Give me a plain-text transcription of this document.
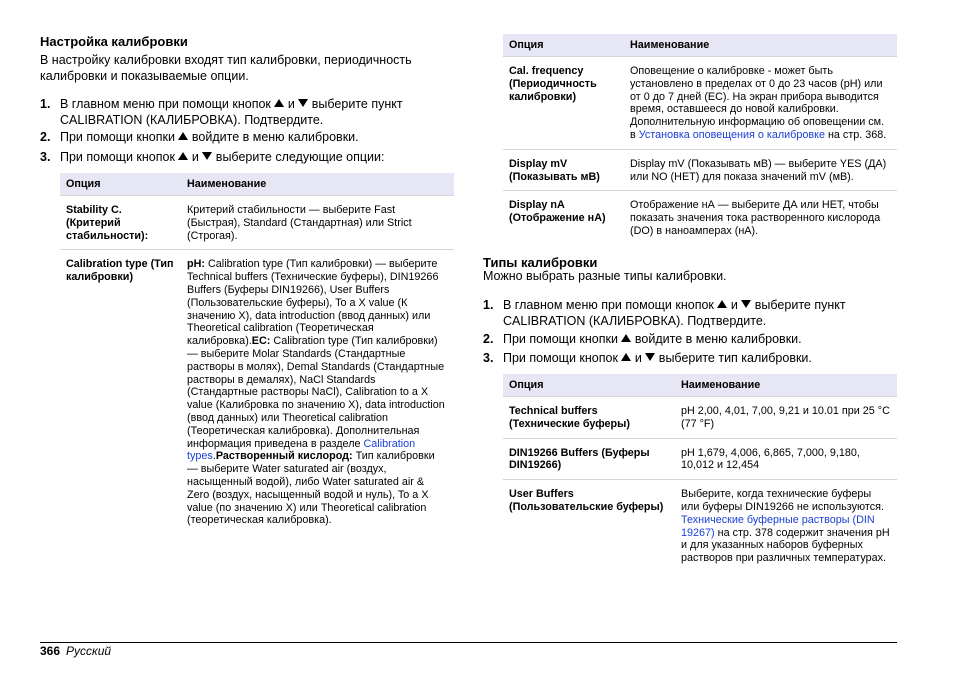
Настройка калибровки

В настройку калибровки входят тип калибровки, периодичность калибровки и показываемые опции.

1. В главном меню при помощи кнопок  и  выберите пункт CALIBRATION (КАЛИБРОВКА). Подтвердите.
2. При помощи кнопки  войдите в меню калибровки.
3. При помощи кнопок  и  выберите следующие опции:
Опция	Наименование
Stability C. (Критерий стабильности):	Критерий стабильности — выберите Fast (Быстрая), Standard (Стандартная) или Strict (Строгая).
Calibration type (Тип калибровки)	pH: Calibration type (Тип калибровки) — выберите Technical buffers (Технические буферы), DIN19266 Buffers (Буферы DIN19266), User Buffers (Пользовательские буферы), To a X value (К значению X), data introduction (ввод данных) или Theoretical calibration (Теоретическая калибровка).EC: Calibration type (Тип калибровки) — выберите Molar Standards (Стандартные растворы в молях), Demal Standards (Стандартные растворы в демалях), NaCl Standards (Стандартные растворы NaCl), Calibration to a X value (Калибровка по значению X), data introduction (ввод данных) или Theoretical calibration (Теоретическая калибровка). Дополнительная информация приведена в разделе Calibration types.Растворенный кислород: Тип калибровки — выберите Water saturated air (воздух, насыщенный водой), либо Water saturated air & Zero (воздух, насыщенный водой и нуль), To a X value (по значению X) или Theoretical calibration (теоретическая калибровка).
Опция	Наименование
Cal. frequency (Периодичность калибровки)	Оповещение о калибровке - может быть установлено в пределах от 0 до 23 часов (pH) или от 0 до 7 дней (EC). На экран прибора выводится время, оставшееся до новой калибровки. Дополнительную информацию об оповещении см. в Установка оповещения о калибровке на стр. 368.
Display mV (Показывать мВ)	Display mV (Показывать мВ) — выберите YES (ДА) или NO (НЕТ) для показа значений mV (мВ).
Display nA (Отображение нА)	Отображение нА — выберите ДА или НЕТ, чтобы показать значения тока растворенного кислорода (DO) в наноамперах (нА).
Типы калибровки

Можно выбрать разные типы калибровки.

1. В главном меню при помощи кнопок  и  выберите пункт CALIBRATION (КАЛИБРОВКА). Подтвердите.
2. При помощи кнопки  войдите в меню калибровки.
3. При помощи кнопок  и  выберите тип калибровки.
Опция	Наименование
Technical buffers (Технические буферы)	pH 2,00, 4,01, 7,00, 9,21 и 10.01 при 25 °C (77 °F)
DIN19266 Buffers (Буферы DIN19266)	pH 1,679, 4,006, 6,865, 7,000, 9,180, 10,012 и 12,454
User Buffers (Пользовательские буферы)	Выберите, когда технические буферы или буферы DIN19266 не используются. Технические буферные растворы (DIN 19267) на стр. 378 содержит значения pH и для указанных наборов буферных растворов при различных температурах.
366 Русский
